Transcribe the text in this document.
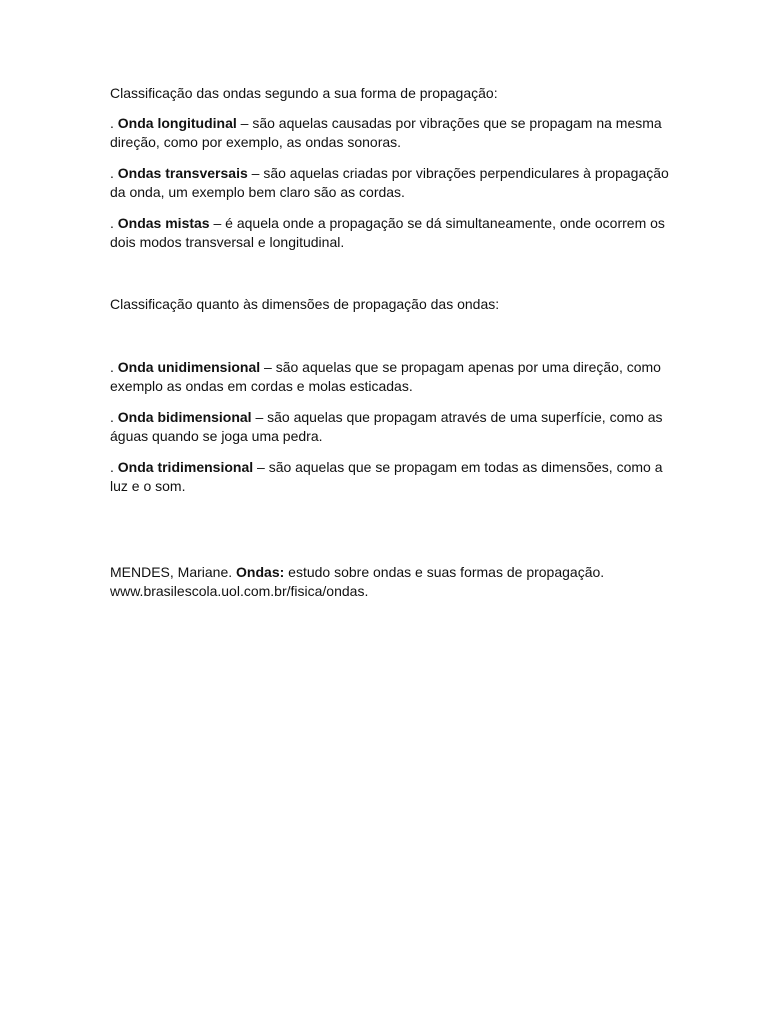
Classificação das ondas segundo a sua forma de propagação:

. Onda longitudinal – são aquelas causadas por vibrações que se propagam na mesma direção, como por exemplo, as ondas sonoras.

. Ondas transversais – são aquelas criadas por vibrações perpendiculares à propagação da onda, um exemplo bem claro são as cordas.

. Ondas mistas – é aquela onde a propagação se dá simultaneamente, onde ocorrem os dois modos transversal e longitudinal.

Classificação quanto às dimensões de propagação das ondas:

. Onda unidimensional – são aquelas que se propagam apenas por uma direção, como exemplo as ondas em cordas e molas esticadas.

. Onda bidimensional – são aquelas que propagam através de uma superfície, como as águas quando se joga uma pedra.

. Onda tridimensional – são aquelas que se propagam em todas as dimensões, como a luz e o som.

MENDES, Mariane. Ondas: estudo sobre ondas e suas formas de propagação.
www.brasilescola.uol.com.br/fisica/ondas.
